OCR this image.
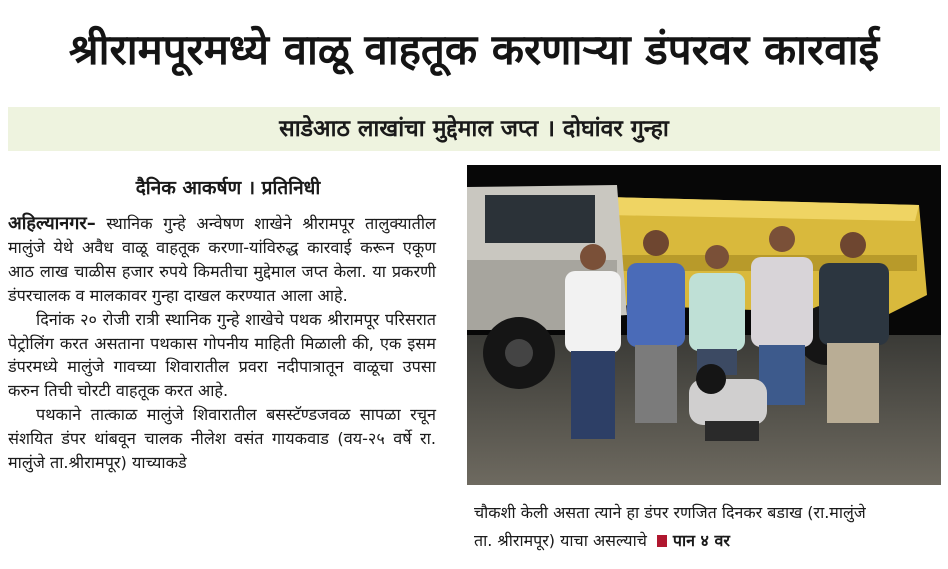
श्रीरामपूरमध्ये वाळू वाहतूक करणाऱ्या डंपरवर कारवाई
साडेआठ लाखांचा मुद्देमाल जप्त । दोघांवर गुन्हा
दैनिक आकर्षण । प्रतिनिधी

अहिल्यानगर– स्थानिक गुन्हे अन्वेषण शाखेने श्रीरामपूर तालुक्यातील मालुंजे येथे अवैध वाळू वाहतूक करणा-यांविरुद्ध कारवाई करून एकूण आठ लाख चाळीस हजार रुपये किमतीचा मुद्देमाल जप्त केला. या प्रकरणी डंपरचालक व मालकावर गुन्हा दाखल करण्यात आला आहे.

दिनांक २० रोजी रात्री स्थानिक गुन्हे शाखेचे पथक श्रीरामपूर परिसरात पेट्रोलिंग करत असताना पथकास गोपनीय माहिती मिळाली की, एक इसम डंपरमध्ये मालुंजे गावच्या शिवारातील प्रवरा नदीपात्रातून वाळूचा उपसा करुन तिची चोरटी वाहतूक करत आहे.

पथकाने तात्काळ मालुंजे शिवारातील बसस्टॅण्डजवळ सापळा रचून संशयित डंपर थांबवून चालक नीलेश वसंत गायकवाड (वय-२५ वर्षे रा. मालुंजे ता.श्रीरामपूर) याच्याकडे

चौकशी केली असता त्याने हा डंपर रणजित दिनकर बडाख (रा.मालुंजे
ता. श्रीरामपूर) याचा असल्याचे पान ४ वर
